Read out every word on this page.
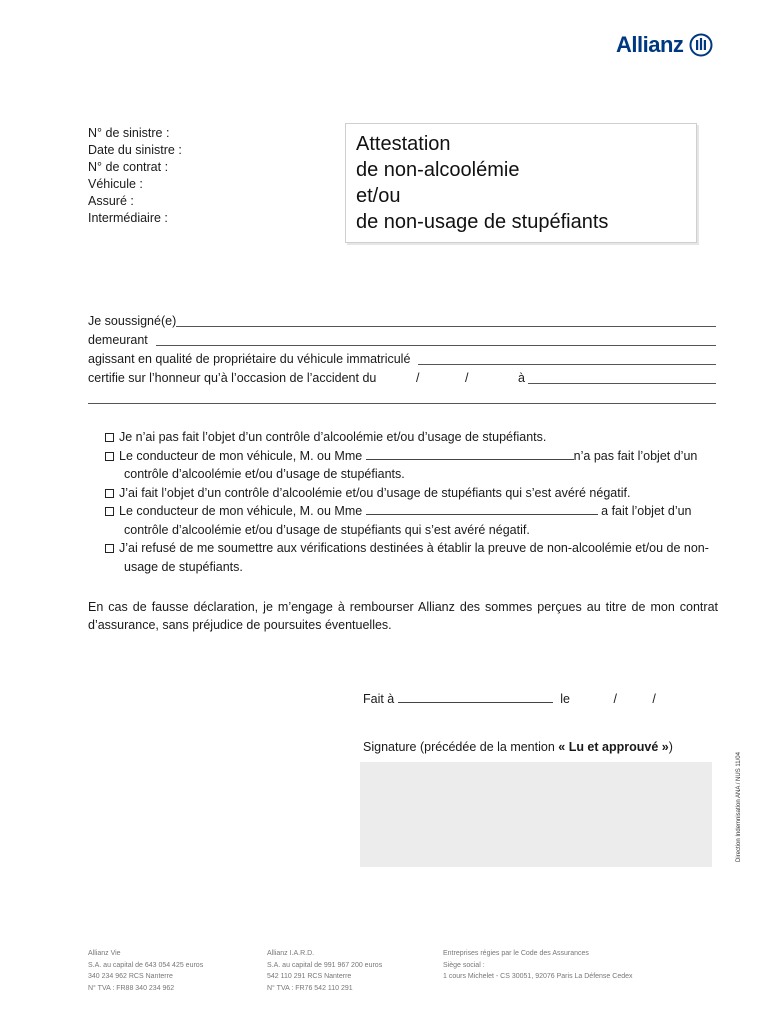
Allianz
N° de sinistre :
Date du sinistre :
N° de contrat :
Véhicule :
Assuré :
Intermédiaire :
Attestation
de non-alcoolémie
et/ou
de non-usage de stupéfiants
Je soussigné(e)
demeurant
agissant en qualité de propriétaire du véhicule immatriculé
certifie sur l’honneur qu’à l’occasion de l’accident du	/	/	à
Je n’ai pas fait l’objet d’un contrôle d’alcoolémie et/ou d’usage de stupéfiants.
Le conducteur de mon véhicule, M. ou Mme	n’a pas fait l’objet d’un
contrôle d’alcoolémie et/ou d’usage de stupéfiants.
J’ai fait l’objet d’un contrôle d’alcoolémie et/ou d’usage de stupéfiants qui s’est avéré négatif.
Le conducteur de mon véhicule, M. ou Mme	a fait l’objet d’un
contrôle d’alcoolémie et/ou d’usage de stupéfiants qui s’est avéré négatif.
J’ai refusé de me soumettre aux vérifications destinées à établir la preuve de non-alcoolémie et/ou de non-
usage de stupéfiants.
En cas de fausse déclaration, je m’engage à rembourser Allianz des sommes perçues au titre de mon contrat d’assurance, sans préjudice de poursuites éventuelles.
Fait à	le	/	/
Signature (précédée de la mention « Lu et approuvé »)
Direction Indemnisation ANA / NUS 11/04
Allianz Vie
S.A. au capital de 643 054 425 euros
340 234 962 RCS Nanterre
N° TVA : FR88 340 234 962
Allianz I.A.R.D.
S.A. au capital de 991 967 200 euros
542 110 291 RCS Nanterre
N° TVA : FR76 542 110 291
Entreprises régies par le Code des Assurances
Siège social :
1 cours Michelet - CS 30051, 92076 Paris La Défense Cedex
